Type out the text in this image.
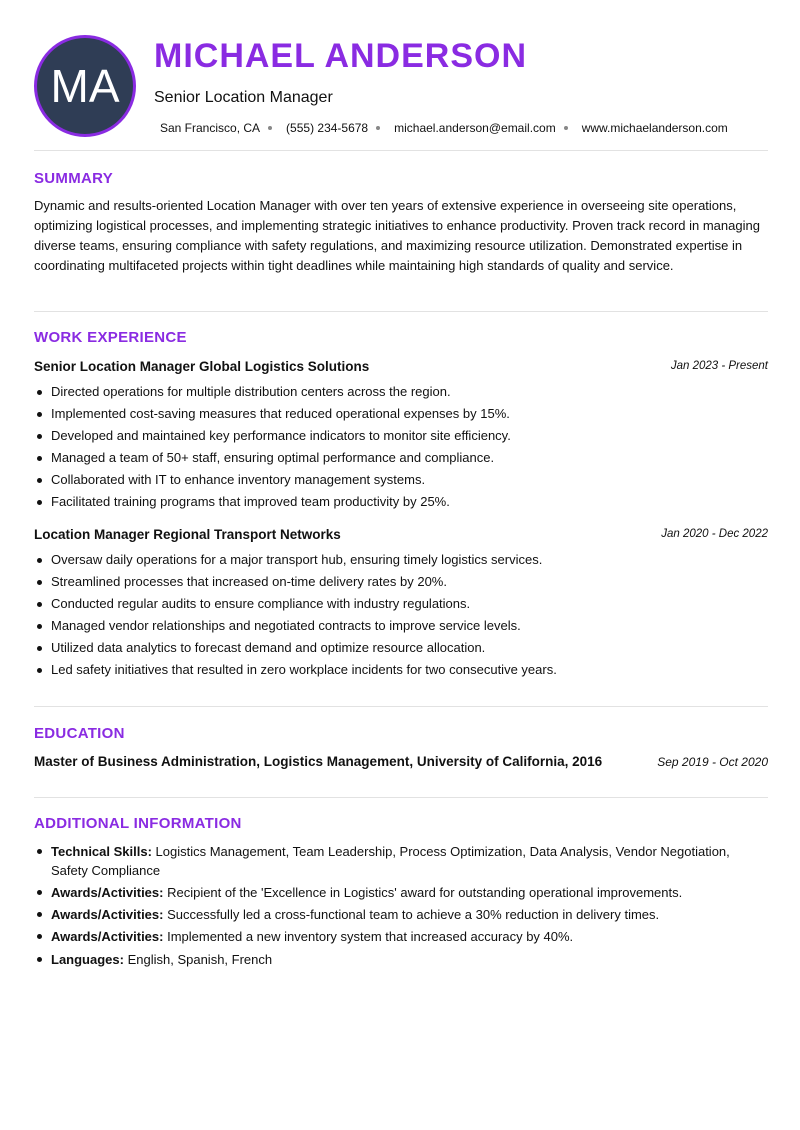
MA
MICHAEL ANDERSON
Senior Location Manager
San Francisco, CA (555) 234-5678 michael.anderson@email.com www.michaelanderson.com
SUMMARY
Dynamic and results-oriented Location Manager with over ten years of extensive experience in overseeing site operations, optimizing logistical processes, and implementing strategic initiatives to enhance productivity. Proven track record in managing diverse teams, ensuring compliance with safety regulations, and maximizing resource utilization. Demonstrated expertise in coordinating multifaceted projects within tight deadlines while maintaining high standards of quality and service.
WORK EXPERIENCE
Senior Location Manager Global Logistics Solutions	Jan 2023 - Present
Directed operations for multiple distribution centers across the region.
Implemented cost-saving measures that reduced operational expenses by 15%.
Developed and maintained key performance indicators to monitor site efficiency.
Managed a team of 50+ staff, ensuring optimal performance and compliance.
Collaborated with IT to enhance inventory management systems.
Facilitated training programs that improved team productivity by 25%.
Location Manager Regional Transport Networks	Jan 2020 - Dec 2022
Oversaw daily operations for a major transport hub, ensuring timely logistics services.
Streamlined processes that increased on-time delivery rates by 20%.
Conducted regular audits to ensure compliance with industry regulations.
Managed vendor relationships and negotiated contracts to improve service levels.
Utilized data analytics to forecast demand and optimize resource allocation.
Led safety initiatives that resulted in zero workplace incidents for two consecutive years.
EDUCATION
Master of Business Administration, Logistics Management, University of California, 2016	Sep 2019 - Oct 2020
ADDITIONAL INFORMATION
Technical Skills: Logistics Management, Team Leadership, Process Optimization, Data Analysis, Vendor Negotiation, Safety Compliance
Awards/Activities: Recipient of the 'Excellence in Logistics' award for outstanding operational improvements.
Awards/Activities: Successfully led a cross-functional team to achieve a 30% reduction in delivery times.
Awards/Activities: Implemented a new inventory system that increased accuracy by 40%.
Languages: English, Spanish, French
